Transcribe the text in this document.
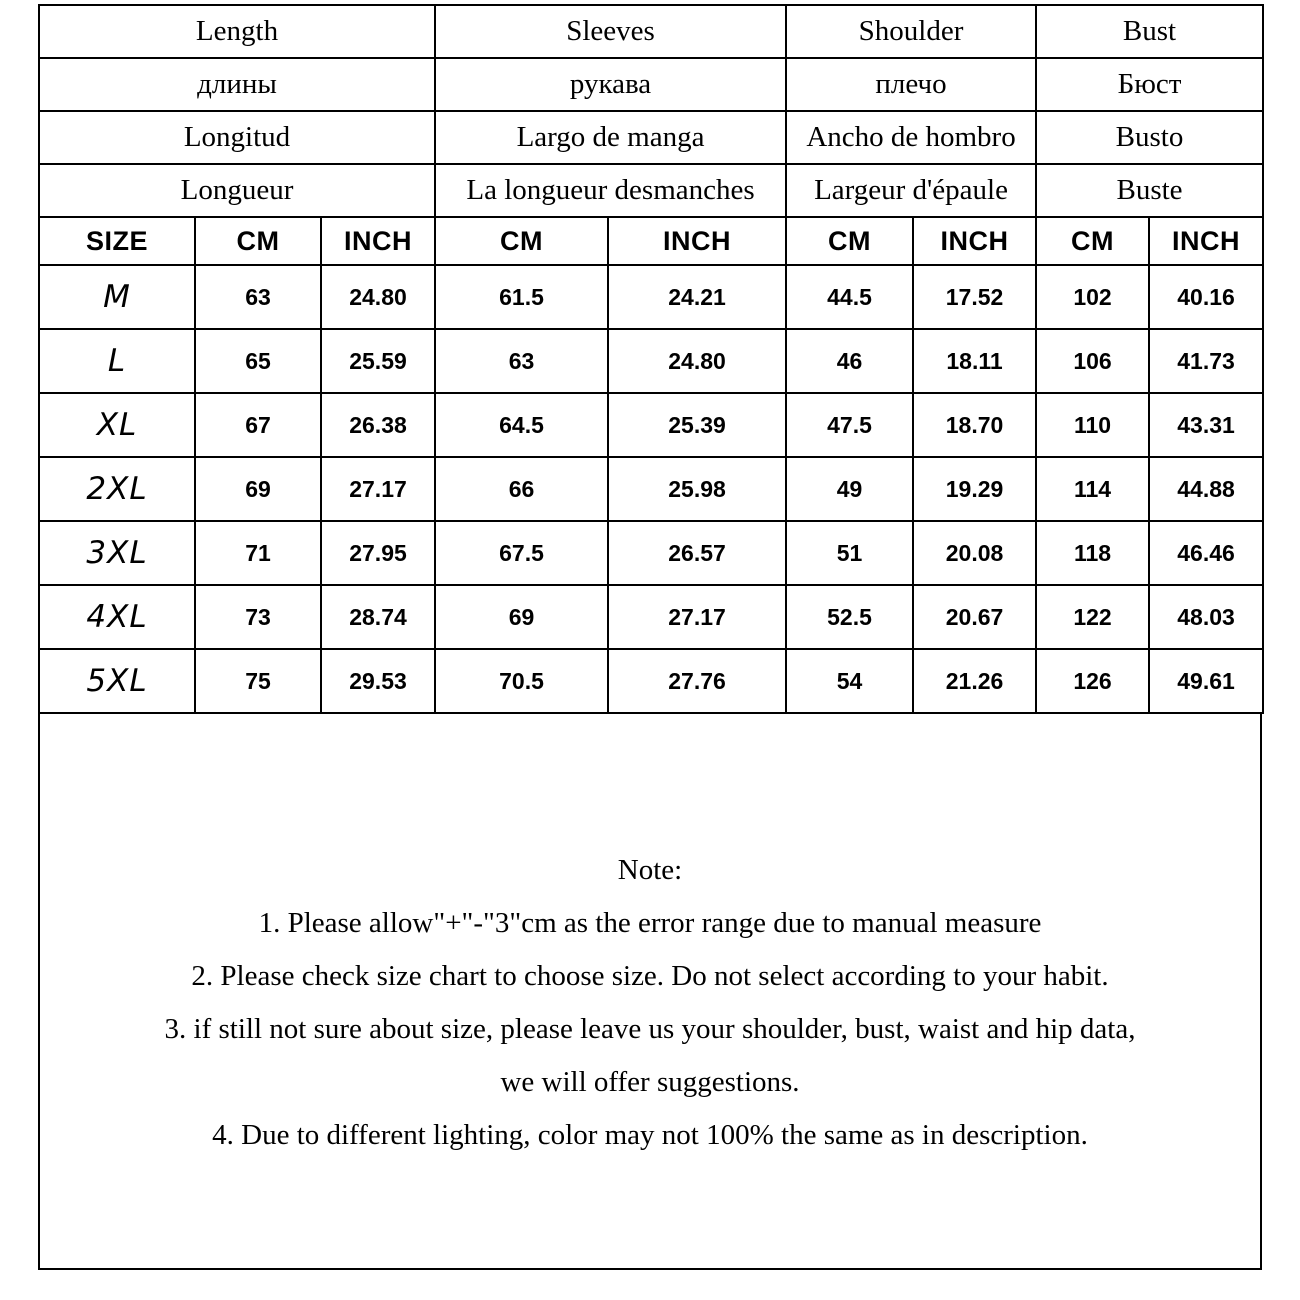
Length			Sleeves		Shoulder		Bust	
длины			рукава		плечо		Бюст	
Longitud			Largo de manga		Ancho de hombro		Busto	
Longueur			La longueur desmanches		Largeur d'épaule		Buste	
SIZE	CM	INCH	CM	INCH	CM	INCH	CM	INCH
M	63	24.80	61.5	24.21	44.5	17.52	102	40.16
L	65	25.59	63	24.80	46	18.11	106	41.73
XL	67	26.38	64.5	25.39	47.5	18.70	110	43.31
2XL	69	27.17	66	25.98	49	19.29	114	44.88
3XL	71	27.95	67.5	26.57	51	20.08	118	46.46
4XL	73	28.74	69	27.17	52.5	20.67	122	48.03
5XL	75	29.53	70.5	27.76	54	21.26	126	49.61
Note:
1. Please allow"+"-"3"cm as the error range due to manual measure
2. Please check size chart to choose size. Do not select according to your habit.
3. if still not sure about size, please leave us your shoulder, bust, waist and hip data,
we will offer suggestions.
4. Due to different lighting, color may not 100% the same as in description.
